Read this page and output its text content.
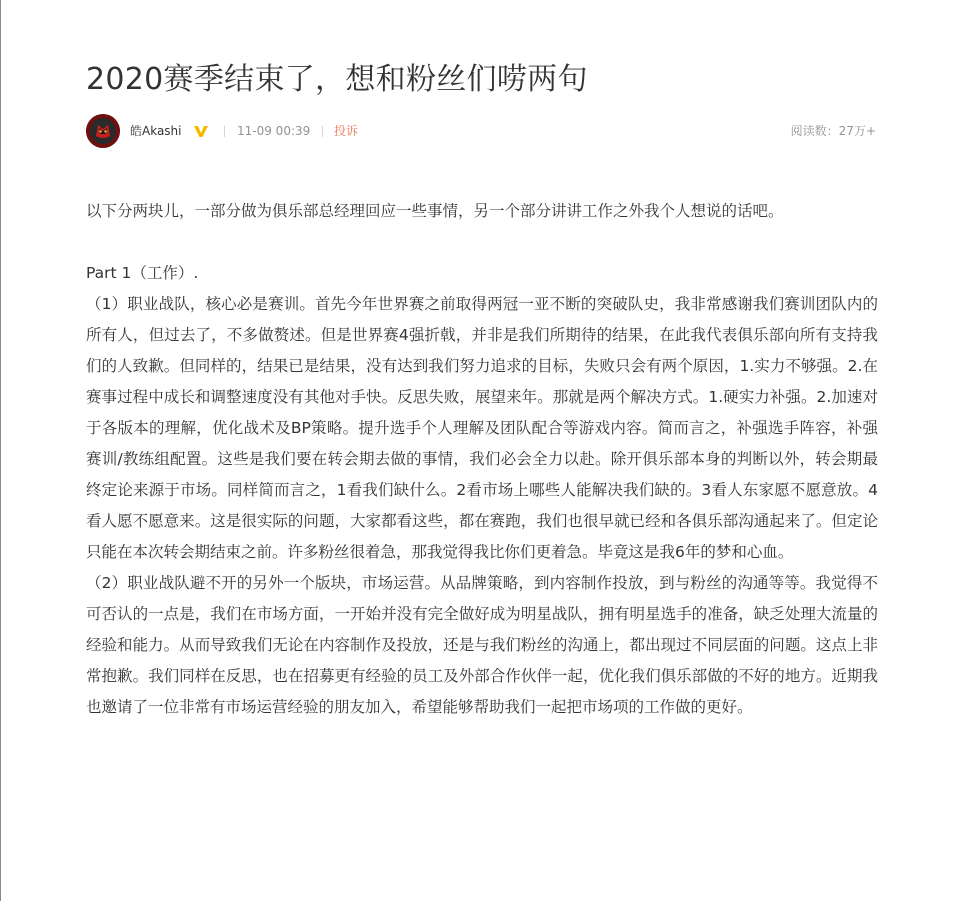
2020赛季结束了，想和粉丝们唠两句
皓Akashi	11-09 00:39 投诉	阅读数：27万+

以下分两块儿，一部分做为俱乐部总经理回应一些事情，另一个部分讲讲工作之外我个人想说的话吧。

Part 1（工作）.

（1）职业战队，核心必是赛训。首先今年世界赛之前取得两冠一亚不断的突破队史，我非常感谢我们赛训团队内的所有人，但过去了，不多做赘述。但是世界赛4强折戟，并非是我们所期待的结果，在此我代表俱乐部向所有支持我们的人致歉。但同样的，结果已是结果，没有达到我们努力追求的目标，失败只会有两个原因，1.实力不够强。2.在赛事过程中成长和调整速度没有其他对手快。反思失败，展望来年。那就是两个解决方式。1.硬实力补强。2.加速对于各版本的理解，优化战术及BP策略。提升选手个人理解及团队配合等游戏内容。简而言之，补强选手阵容，补强赛训/教练组配置。这些是我们要在转会期去做的事情，我们必会全力以赴。除开俱乐部本身的判断以外，转会期最终定论来源于市场。同样简而言之，1看我们缺什么。2看市场上哪些人能解决我们缺的。3看人东家愿不愿意放。4看人愿不愿意来。这是很实际的问题，大家都看这些，都在赛跑，我们也很早就已经和各俱乐部沟通起来了。但定论只能在本次转会期结束之前。许多粉丝很着急，那我觉得我比你们更着急。毕竟这是我6年的梦和心血。

（2）职业战队避不开的另外一个版块，市场运营。从品牌策略，到内容制作投放，到与粉丝的沟通等等。我觉得不可否认的一点是，我们在市场方面，一开始并没有完全做好成为明星战队，拥有明星选手的准备，缺乏处理大流量的经验和能力。从而导致我们无论在内容制作及投放，还是与我们粉丝的沟通上，都出现过不同层面的问题。这点上非常抱歉。我们同样在反思，也在招募更有经验的员工及外部合作伙伴一起，优化我们俱乐部做的不好的地方。近期我也邀请了一位非常有市场运营经验的朋友加入，希望能够帮助我们一起把市场项的工作做的更好。
